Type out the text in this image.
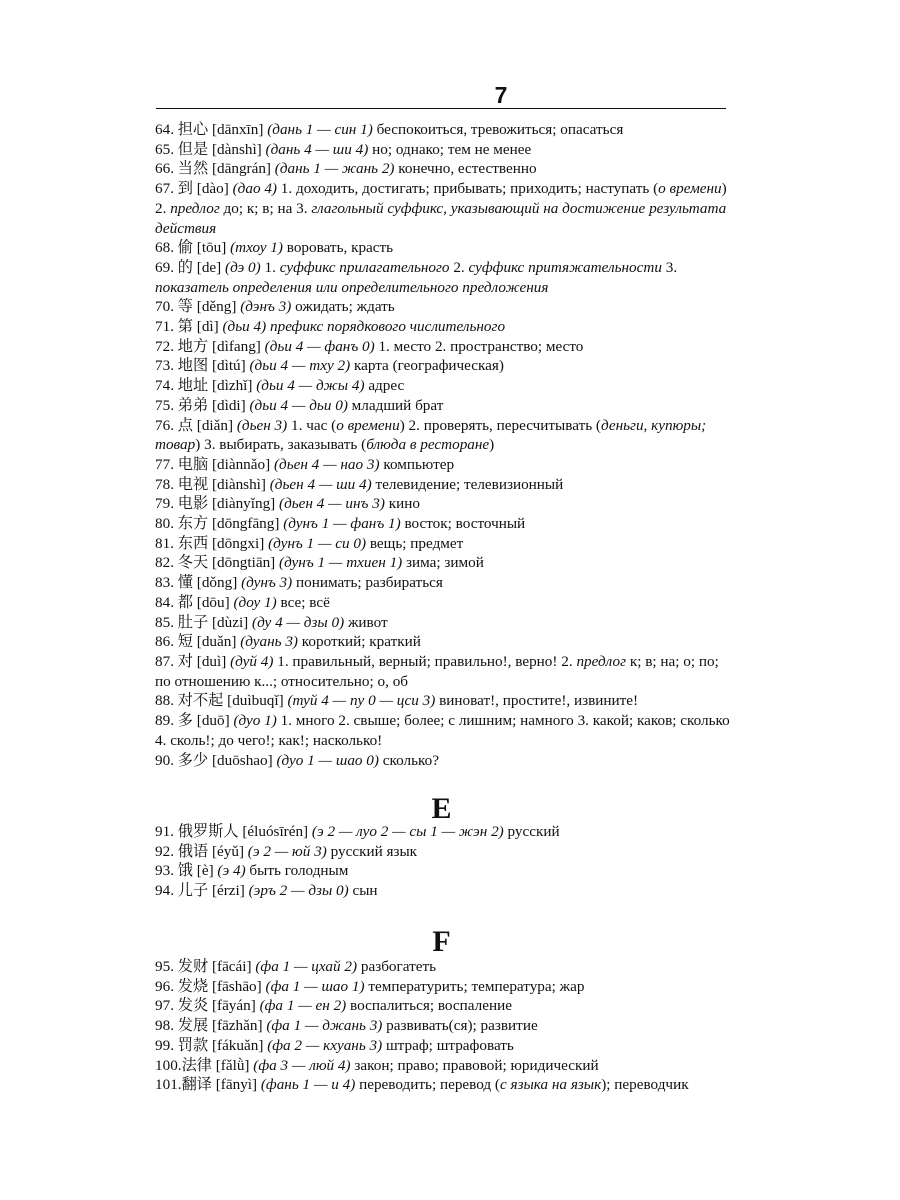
7
64. 担心 [dānxīn] (дань 1 — син 1) беспокоиться, тревожиться; опасаться
65. 但是 [dànshì] (дань 4 — ши 4) но; однако; тем не менее
66. 当然 [dāngrán] (дань 1 — жань 2) конечно, естественно
67. 到 [dào] (дао 4) 1. доходить, достигать; прибывать; приходить; наступать (о времени) 2. предлог до; к; в; на 3. глагольный суффикс, указывающий на достижение результата действия
68. 偷 [tōu] (тхоу 1) воровать, красть
69. 的 [de] (дэ 0) 1. суффикс прилагательного 2. суффикс притяжательности 3. показатель определения или определительного предложения
70. 等 [děng] (дэнъ 3) ожидать; ждать
71. 第 [dì] (дьи 4) префикс порядкового числительного
72. 地方 [dìfang] (дьи 4 — фанъ 0) 1. место 2. пространство; место
73. 地图 [dìtú] (дьи 4 — тху 2) карта (географическая)
74. 地址 [dìzhǐ] (дьи 4 — джы 4) адрес
75. 弟弟 [dìdi] (дьи 4 — дьи 0) младший брат
76. 点 [diǎn] (дьен 3) 1. час (о времени) 2. проверять, пересчитывать (деньги, купюры; товар) 3. выбирать, заказывать (блюда в ресторане)
77. 电脑 [diànnǎo] (дьен 4 — нао 3) компьютер
78. 电视 [diànshì] (дьен 4 — ши 4) телевидение; телевизионный
79. 电影 [diànyǐng] (дьен 4 — инъ 3) кино
80. 东方 [dōngfāng] (дунъ 1 — фанъ 1) восток; восточный
81. 东西 [dōngxi] (дунъ 1 — си 0) вещь; предмет
82. 冬天 [dōngtiān] (дунъ 1 — тхиен 1) зима; зимой
83. 懂 [dǒng] (дунъ 3) понимать; разбираться
84. 都 [dōu] (доу 1) все; всё
85. 肚子 [dùzi] (ду 4 — дзы 0) живот
86. 短 [duǎn] (дуань 3) короткий; краткий
87. 对 [duì] (дуй 4) 1. правильный, верный; правильно!, верно! 2. предлог к; в; на; о; по; по отношению к...; относительно; о, об
88. 对不起 [duìbuqǐ] (туй 4 — пу 0 — цси 3) виноват!, простите!, извините!
89. 多 [duō] (дуо 1) 1. много 2. свыше; более; с лишним; намного 3. какой; каков; сколько 4. сколь!; до чего!; как!; насколько!
90. 多少 [duōshao] (дуо 1 — шао 0) сколько?
E
91. 俄罗斯人 [éluósīrén] (э 2 — луо 2 — сы 1 — жэн 2) русский
92. 俄语 [éyǔ] (э 2 — юй 3) русский язык
93. 饿 [è] (э 4) быть голодным
94. 儿子 [érzi] (эръ 2 — дзы 0) сын
F
95. 发财 [fācái] (фа 1 — цхай 2) разбогатеть
96. 发烧 [fāshāo] (фа 1 — шао 1) температурить; температура; жар
97. 发炎 [fāyán] (фа 1 — ен 2) воспалиться; воспаление
98. 发展 [fāzhǎn] (фа 1 — джань 3) развивать(ся); развитие
99. 罚款 [fákuǎn] (фа 2 — кхуань 3) штраф; штрафовать
100.法律 [fǎlǜ] (фа 3 — люй 4) закон; право; правовой; юридический
101.翻译 [fānyì] (фань 1 — и 4) переводить; перевод (с языка на язык); переводчик
